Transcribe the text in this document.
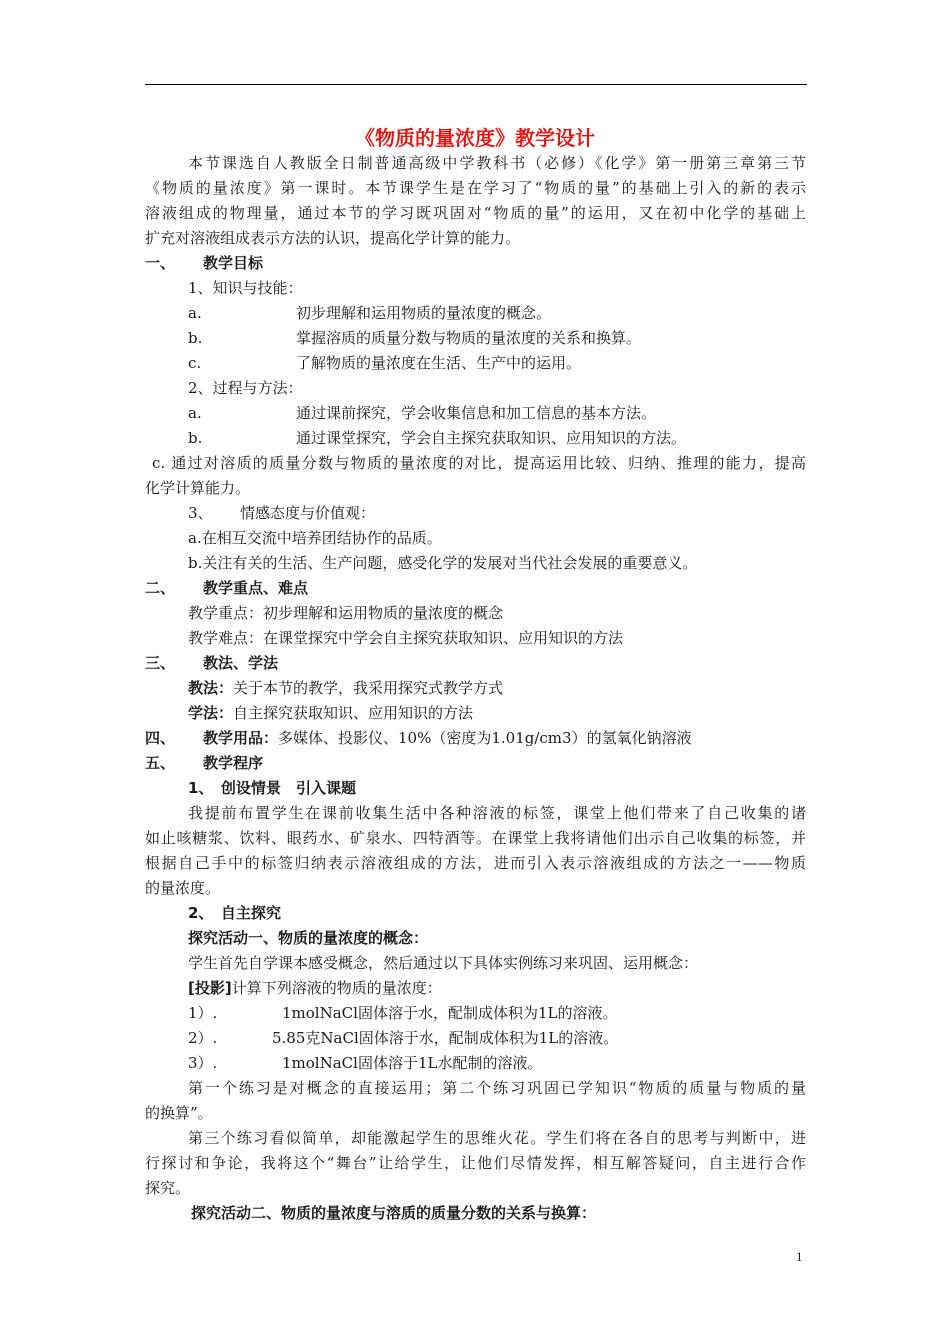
《物质的量浓度》教学设计
本节课选自人教版全日制普通高级中学教科书（必修）《化学》第一册第三章第三节
《物质的量浓度》第一课时。本节课学生是在学习了“物质的量”的基础上引入的新的表示
溶液组成的物理量，通过本节的学习既巩固对“物质的量”的运用，又在初中化学的基础上
扩充对溶液组成表示方法的认识，提高化学计算的能力。
一、 教学目标
1、知识与技能：
a.	初步理解和运用物质的量浓度的概念。
b.	掌握溶质的质量分数与物质的量浓度的关系和换算。
c.	了解物质的量浓度在生活、生产中的运用。
2、过程与方法：
a.	通过课前探究，学会收集信息和加工信息的基本方法。
b.	通过课堂探究，学会自主探究获取知识、应用知识的方法。
c. 通过对溶质的质量分数与物质的量浓度的对比，提高运用比较、归纳、推理的能力，提高
化学计算能力。
3、 情感态度与价值观：
a.在相互交流中培养团结协作的品质。
b.关注有关的生活、生产问题，感受化学的发展对当代社会发展的重要意义。
二、 教学重点、难点
教学重点：初步理解和运用物质的量浓度的概念
教学难点：在课堂探究中学会自主探究获取知识、应用知识的方法
三、 教法、学法
教法：关于本节的教学，我采用探究式教学方式
学法：自主探究获取知识、应用知识的方法
四、 教学用品：多媒体、投影仪、10%（密度为1.01g/cm3）的氢氧化钠溶液
五、 教学程序
1、　创设情景　引入课题
我提前布置学生在课前收集生活中各种溶液的标签，课堂上他们带来了自己收集的诸
如止咳糖浆、饮料、眼药水、矿泉水、四特酒等。在课堂上我将请他们出示自己收集的标签，并
根据自己手中的标签归纳表示溶液组成的方法，进而引入表示溶液组成的方法之一——物质
的量浓度。
2、　自主探究
探究活动一、物质的量浓度的概念：
学生首先自学课本感受概念，然后通过以下具体实例练习来巩固、运用概念：
[投影]计算下列溶液的物质的量浓度：
1）.	1molNaCl固体溶于水，配制成体积为1L的溶液。
2）.	5.85克NaCl固体溶于水，配制成体积为1L的溶液。
3）.	1molNaCl固体溶于1L水配制的溶液。
第一个练习是对概念的直接运用；第二个练习巩固已学知识“物质的质量与物质的量
的换算”。
第三个练习看似简单，却能激起学生的思维火花。学生们将在各自的思考与判断中，进
行探讨和争论，我将这个“舞台”让给学生，让他们尽情发挥，相互解答疑问，自主进行合作
探究。
探究活动二、物质的量浓度与溶质的质量分数的关系与换算：
1
